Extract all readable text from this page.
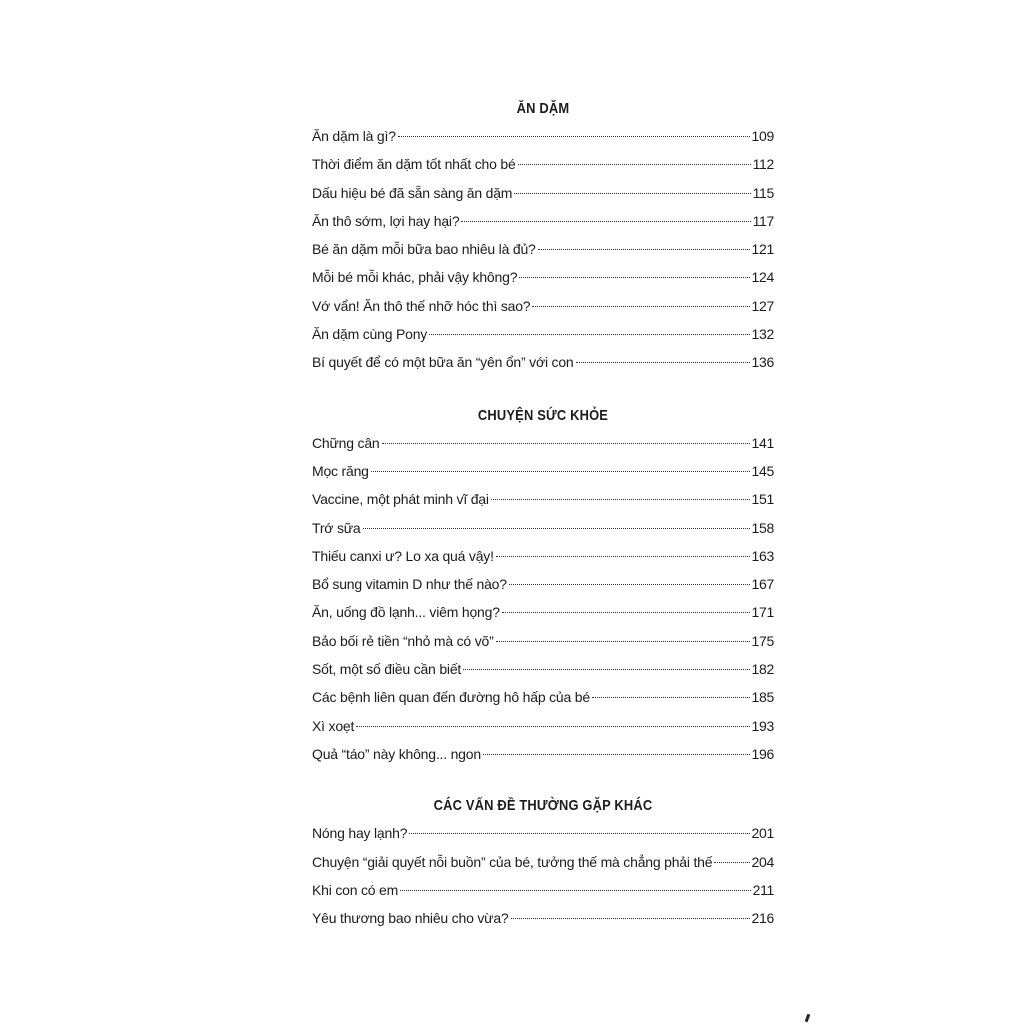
ĂN DẶM
Ăn dặm là gì?	109
Thời điểm ăn dặm tốt nhất cho bé	112
Dấu hiệu bé đã sẵn sàng ăn dặm	115
Ăn thô sớm, lợi hay hại?	117
Bé ăn dặm mỗi bữa bao nhiêu là đủ?	121
Mỗi bé mỗi khác, phải vậy không?	124
Vớ vẩn! Ăn thô thế nhỡ hóc thì sao?	127
Ăn dặm cùng Pony	132
Bí quyết để có một bữa ăn “yên ổn” với con	136
CHUYỆN SỨC KHỎE
Chững cân	141
Mọc răng	145
Vaccine, một phát minh vĩ đại	151
Trớ sữa	158
Thiếu canxi ư? Lo xa quá vậy!	163
Bổ sung vitamin D như thế nào?	167
Ăn, uống đồ lạnh... viêm họng?	171
Bảo bối rẻ tiền “nhỏ mà có võ”	175
Sốt, một số điều cần biết	182
Các bệnh liên quan đến đường hô hấp của bé	185
Xì xoẹt	193
Quả “táo” này không... ngon	196
CÁC VẤN ĐỀ THƯỜNG GẶP KHÁC
Nóng hay lạnh?	201
Chuyện “giải quyết nỗi buồn” của bé, tưởng thế mà chẳng phải thế	204
Khi con có em	211
Yêu thương bao nhiêu cho vừa?	216
